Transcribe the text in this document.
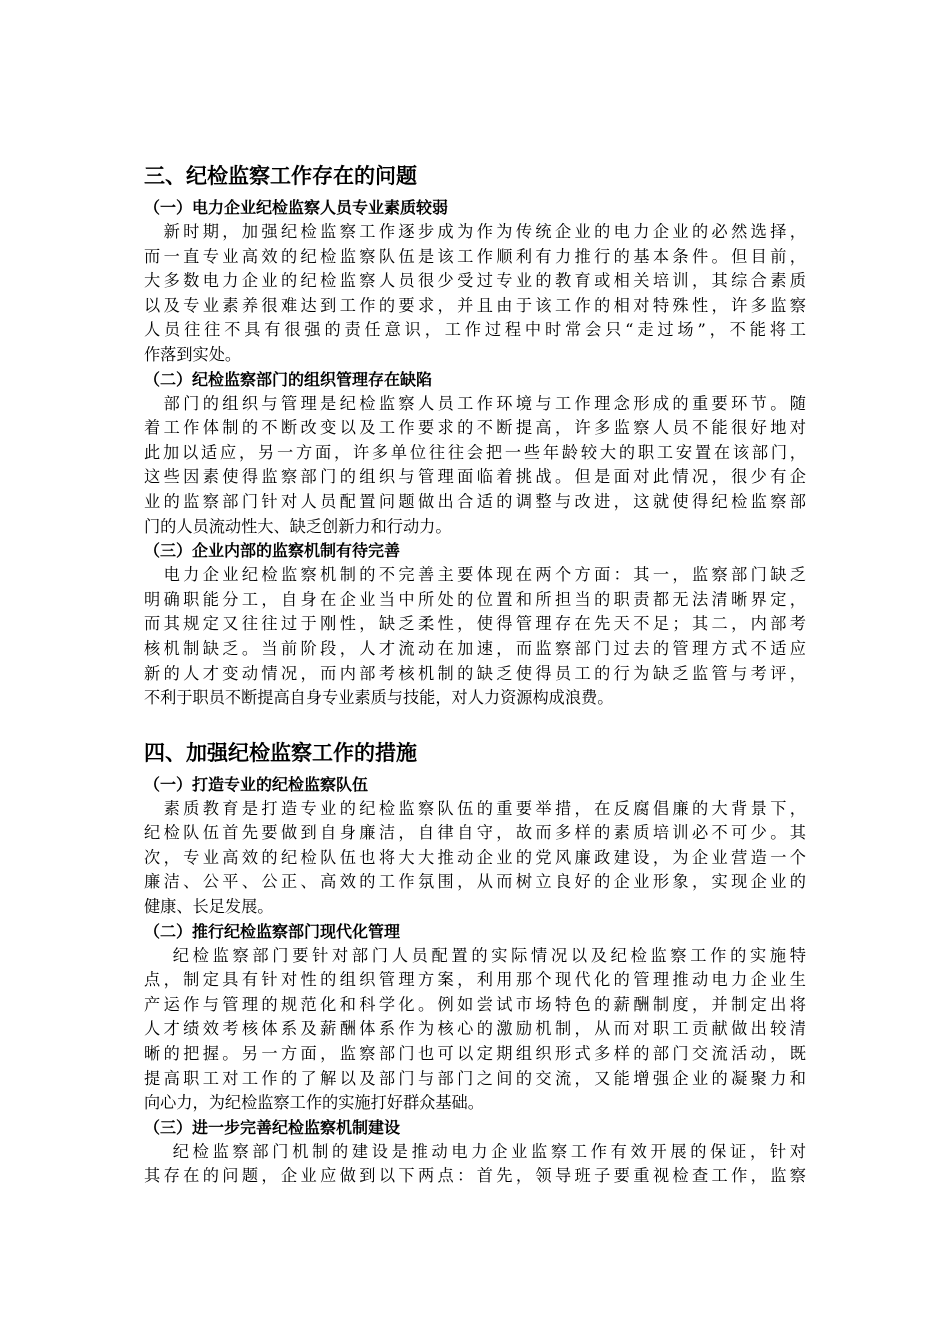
三、纪检监察工作存在的问题
（一）电力企业纪检监察人员专业素质较弱
　新时期，加强纪检监察工作逐步成为作为传统企业的电力企业的必然选择，
而一直专业高效的纪检监察队伍是该工作顺利有力推行的基本条件。但目前，
大多数电力企业的纪检监察人员很少受过专业的教育或相关培训，其综合素质
以及专业素养很难达到工作的要求，并且由于该工作的相对特殊性，许多监察
人员往往不具有很强的责任意识，工作过程中时常会只“走过场”，不能将工
作落到实处。
（二）纪检监察部门的组织管理存在缺陷
　部门的组织与管理是纪检监察人员工作环境与工作理念形成的重要环节。随
着工作体制的不断改变以及工作要求的不断提高，许多监察人员不能很好地对
此加以适应，另一方面，许多单位往往会把一些年龄较大的职工安置在该部门，
这些因素使得监察部门的组织与管理面临着挑战。但是面对此情况，很少有企
业的监察部门针对人员配置问题做出合适的调整与改进，这就使得纪检监察部
门的人员流动性大、缺乏创新力和行动力。
（三）企业内部的监察机制有待完善
　电力企业纪检监察机制的不完善主要体现在两个方面：其一，监察部门缺乏
明确职能分工，自身在企业当中所处的位置和所担当的职责都无法清晰界定，
而其规定又往往过于刚性，缺乏柔性，使得管理存在先天不足；其二，内部考
核机制缺乏。当前阶段，人才流动在加速，而监察部门过去的管理方式不适应
新的人才变动情况，而内部考核机制的缺乏使得员工的行为缺乏监管与考评，
不利于职员不断提高自身专业素质与技能，对人力资源构成浪费。
四、加强纪检监察工作的措施
（一）打造专业的纪检监察队伍
　素质教育是打造专业的纪检监察队伍的重要举措，在反腐倡廉的大背景下，
纪检队伍首先要做到自身廉洁，自律自守，故而多样的素质培训必不可少。其
次，专业高效的纪检队伍也将大大推动企业的党风廉政建设，为企业营造一个
廉洁、公平、公正、高效的工作氛围，从而树立良好的企业形象，实现企业的
健康、长足发展。
（二）推行纪检监察部门现代化管理
　 纪检监察部门要针对部门人员配置的实际情况以及纪检监察工作的实施特
点，制定具有针对性的组织管理方案，利用那个现代化的管理推动电力企业生
产运作与管理的规范化和科学化。例如尝试市场特色的薪酬制度，并制定出将
人才绩效考核体系及薪酬体系作为核心的激励机制，从而对职工贡献做出较清
晰的把握。另一方面，监察部门也可以定期组织形式多样的部门交流活动，既
提高职工对工作的了解以及部门与部门之间的交流，又能增强企业的凝聚力和
向心力，为纪检监察工作的实施打好群众基础。
（三）进一步完善纪检监察机制建设
　 纪检监察部门机制的建设是推动电力企业监察工作有效开展的保证，针对
其存在的问题，企业应做到以下两点：首先，领导班子要重视检查工作，监察
